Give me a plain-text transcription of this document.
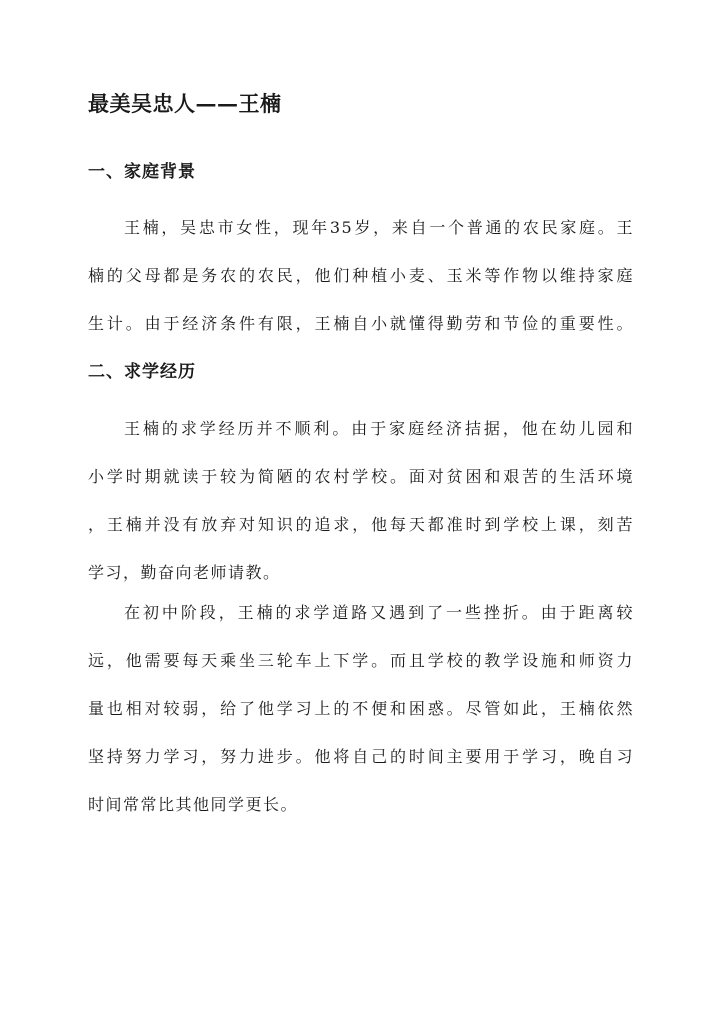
最美吴忠人——王楠
一、家庭背景
王楠，吴忠市女性，现年35岁，来自一个普通的农民家庭。王
楠的父母都是务农的农民，他们种植小麦、玉米等作物以维持家庭
生计。由于经济条件有限，王楠自小就懂得勤劳和节俭的重要性。
二、求学经历
王楠的求学经历并不顺利。由于家庭经济拮据，他在幼儿园和
小学时期就读于较为简陋的农村学校。面对贫困和艰苦的生活环境
，王楠并没有放弃对知识的追求，他每天都准时到学校上课，刻苦
学习，勤奋向老师请教。
在初中阶段，王楠的求学道路又遇到了一些挫折。由于距离较
远，他需要每天乘坐三轮车上下学。而且学校的教学设施和师资力
量也相对较弱，给了他学习上的不便和困惑。尽管如此，王楠依然
坚持努力学习，努力进步。他将自己的时间主要用于学习，晚自习
时间常常比其他同学更长。
